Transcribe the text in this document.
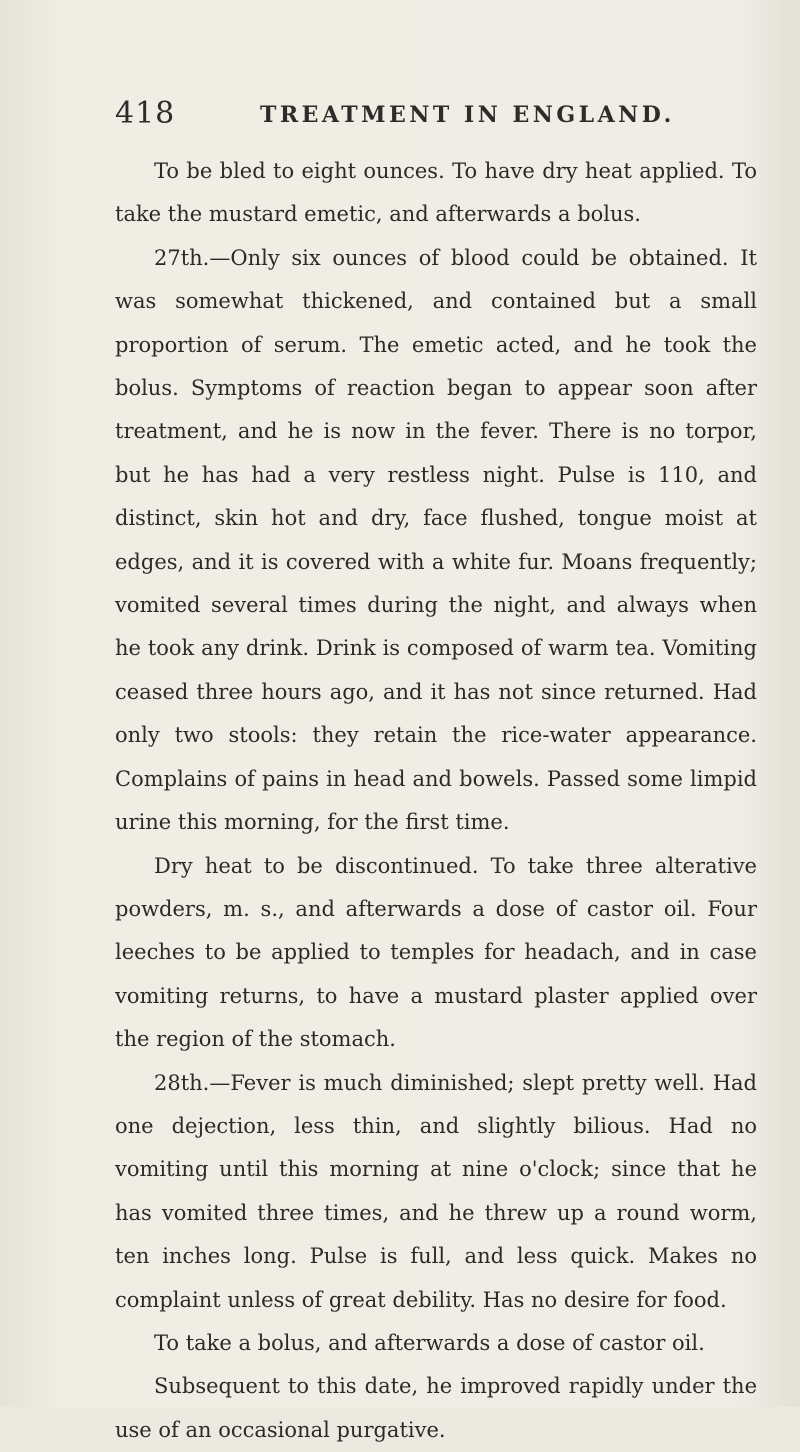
418	TREATMENT IN ENGLAND.

To be bled to eight ounces. To have dry heat applied. To take the mustard emetic, and afterwards a bolus.

27th.—Only six ounces of blood could be obtained. It was somewhat thickened, and contained but a small proportion of serum. The emetic acted, and he took the bolus. Symptoms of reaction began to appear soon after treatment, and he is now in the fever. There is no torpor, but he has had a very restless night. Pulse is 110, and distinct, skin hot and dry, face flushed, tongue moist at edges, and it is covered with a white fur. Moans frequently; vomited several times during the night, and always when he took any drink. Drink is composed of warm tea. Vomiting ceased three hours ago, and it has not since returned. Had only two stools: they retain the rice-water appearance. Complains of pains in head and bowels. Passed some limpid urine this morning, for the first time.

Dry heat to be discontinued. To take three alterative powders, m. s., and afterwards a dose of castor oil. Four leeches to be applied to temples for headach, and in case vomiting returns, to have a mustard plaster applied over the region of the stomach.

28th.—Fever is much diminished; slept pretty well. Had one dejection, less thin, and slightly bilious. Had no vomiting until this morning at nine o'clock; since that he has vomited three times, and he threw up a round worm, ten inches long. Pulse is full, and less quick. Makes no complaint unless of great debility. Has no desire for food.

To take a bolus, and afterwards a dose of castor oil.

Subsequent to this date, he improved rapidly under the use of an occasional purgative.
